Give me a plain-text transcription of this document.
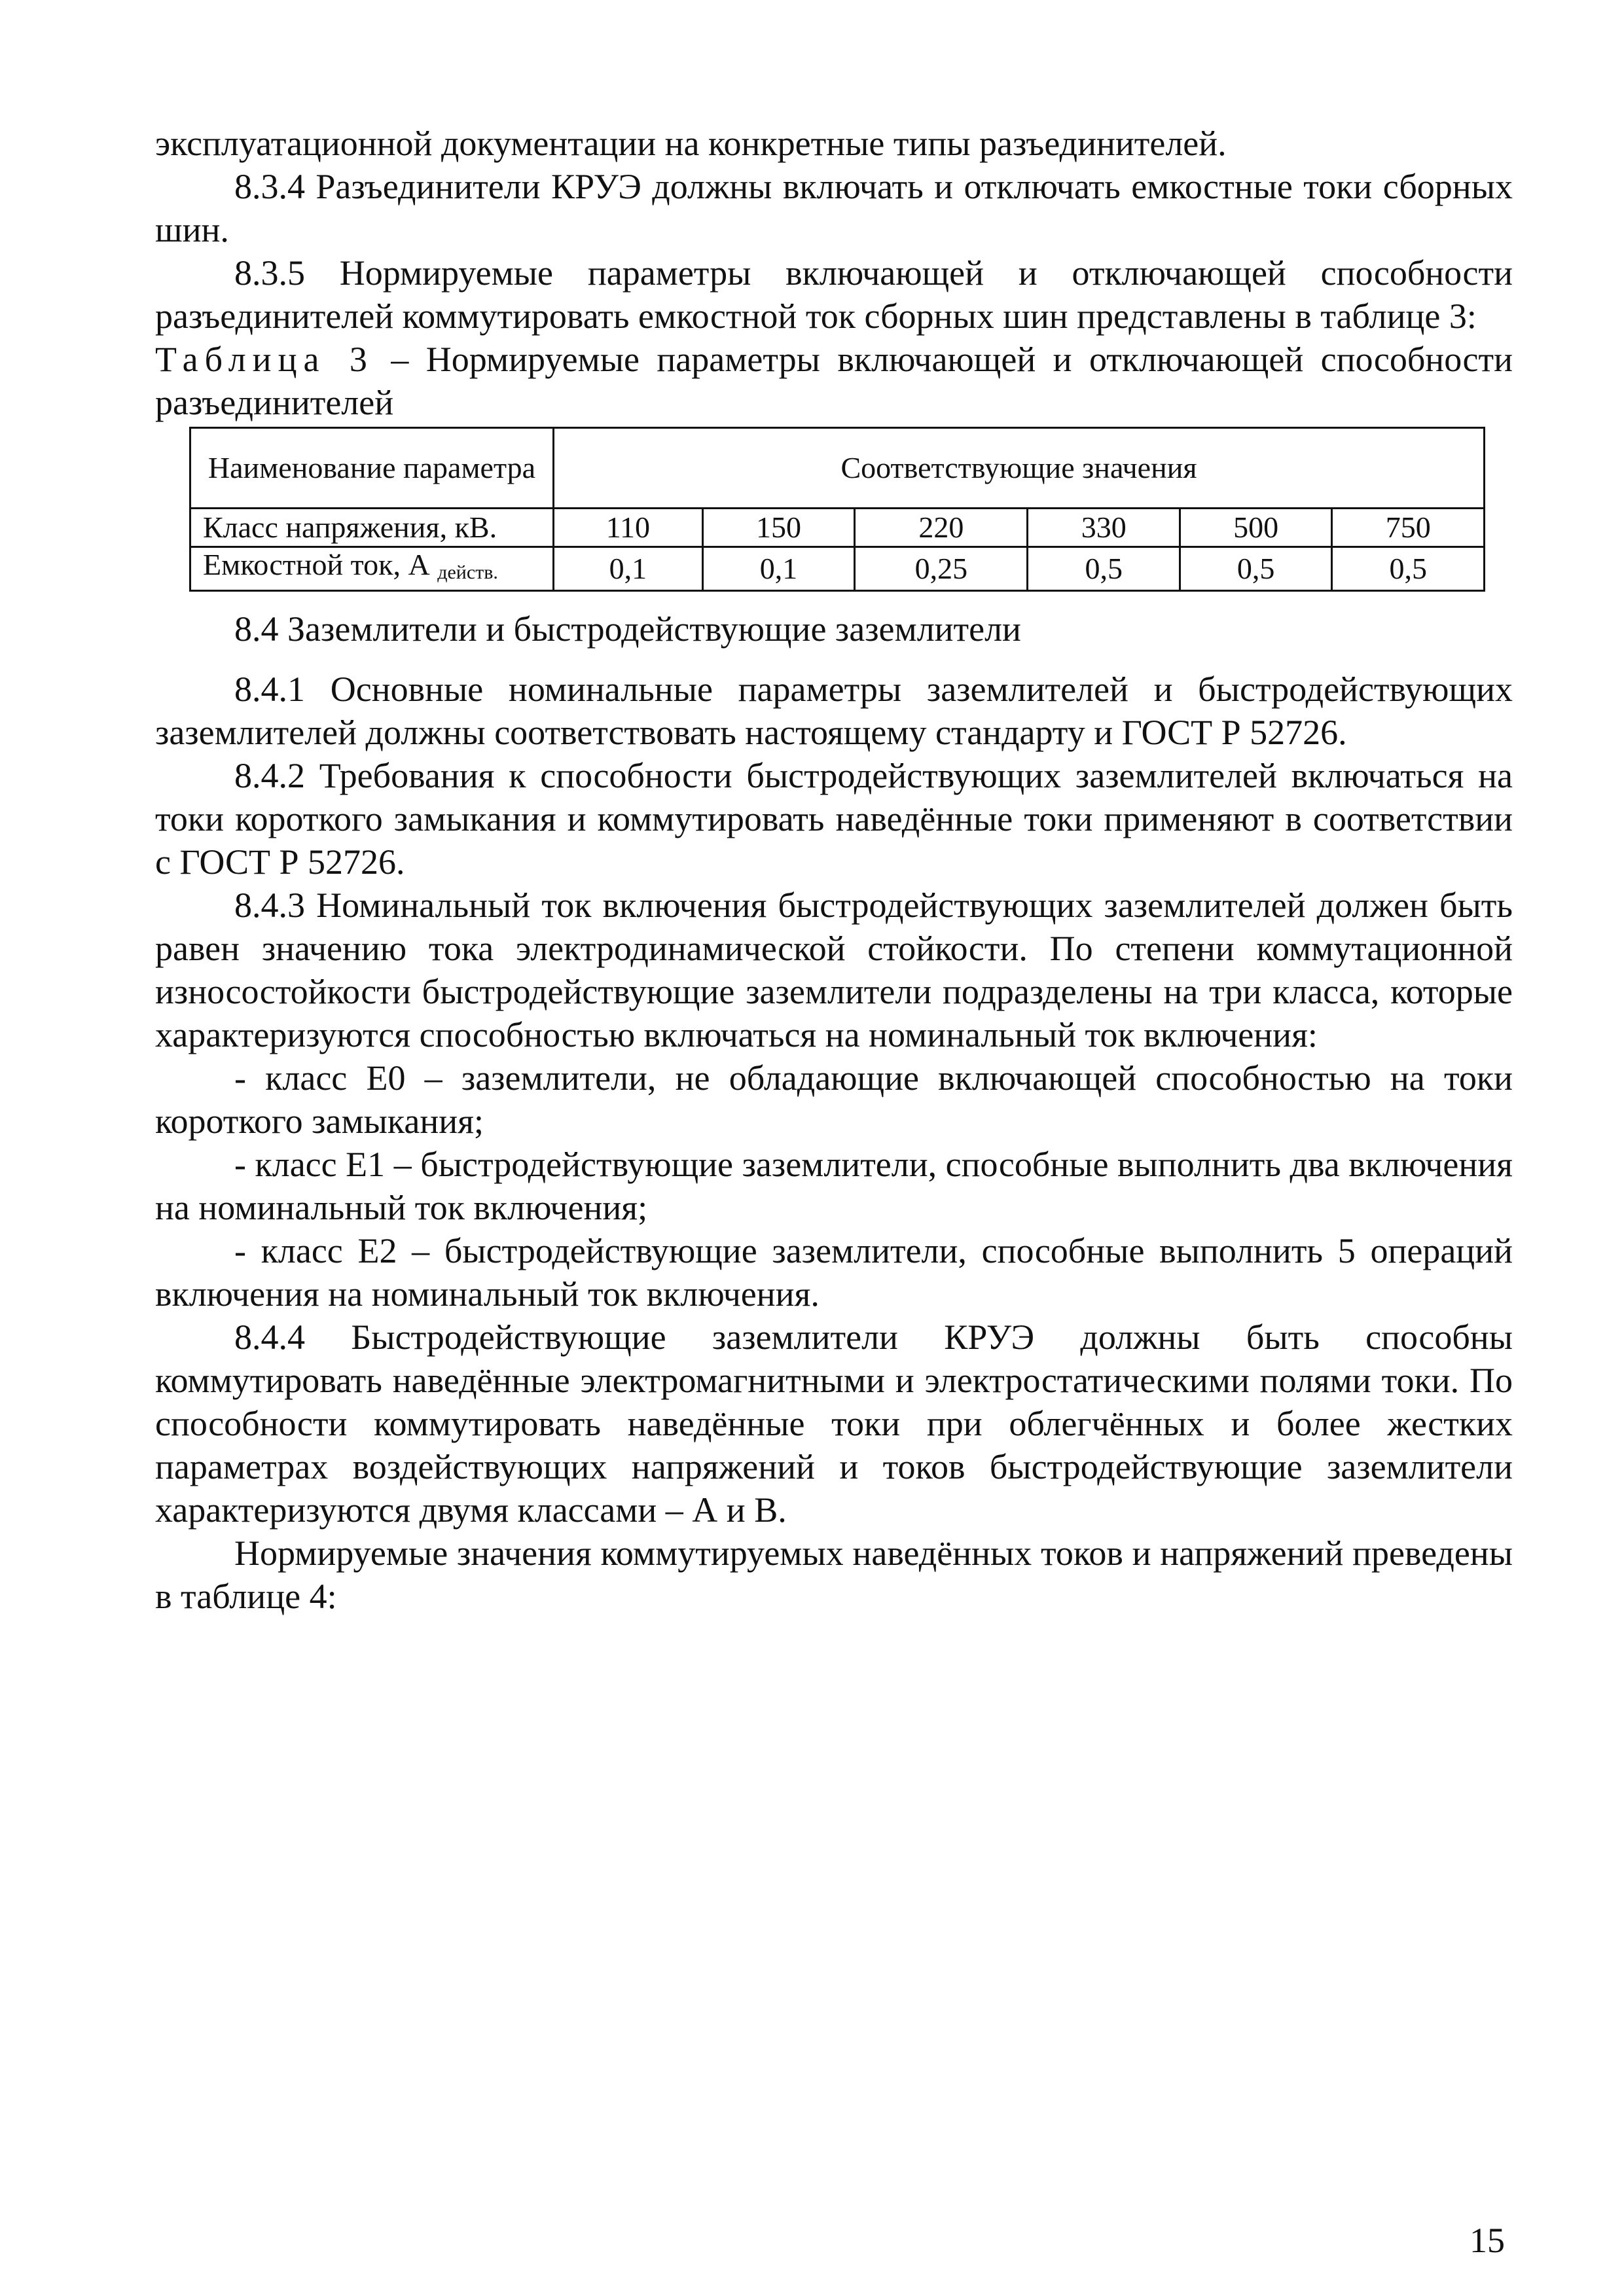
эксплуатационной документации на конкретные типы разъединителей.

8.3.4 Разъединители КРУЭ должны включать и отключать емкостные токи сборных шин.

8.3.5 Нормируемые параметры включающей и отключающей способности разъединителей коммутировать емкостной ток сборных шин представлены в таблице 3:

Таблица 3 – Нормируемые параметры включающей и отключающей способности разъединителей

Наименование параметра	Соответствующие значения					
Класс напряжения, кВ.	110	150	220	330	500	750
Емкостной ток, А $_{действ.}$	0,1	0,1	0,25	0,5	0,5	0,5

8.4 Заземлители и быстродействующие заземлители

8.4.1 Основные номинальные параметры заземлителей и быстродействующих заземлителей должны соответствовать настоящему стандарту и ГОСТ Р 52726.

8.4.2 Требования к способности быстродействующих заземлителей включаться на токи короткого замыкания и коммутировать наведённые токи применяют в соответствии с ГОСТ Р 52726.

8.4.3 Номинальный ток включения быстродействующих заземлителей должен быть равен значению тока электродинамической стойкости. По степени коммутационной износостойкости быстродействующие заземлители подразделены на три класса, которые характеризуются способностью включаться на номинальный ток включения:

- класс Е0 – заземлители, не обладающие включающей способностью на токи короткого замыкания;

- класс Е1 – быстродействующие заземлители, способные выполнить два включения на номинальный ток включения;

- класс Е2 – быстродействующие заземлители, способные выполнить 5 операций включения на номинальный ток включения.

8.4.4 Быстродействующие заземлители КРУЭ должны быть способны коммутировать наведённые электромагнитными и электростатическими полями токи. По способности коммутировать наведённые токи при облегчённых и более жестких параметрах воздействующих напряжений и токов быстродействующие заземлители характеризуются двумя классами – А и В.

Нормируемые значения коммутируемых наведённых токов и напряжений преведены в таблице 4:

15
